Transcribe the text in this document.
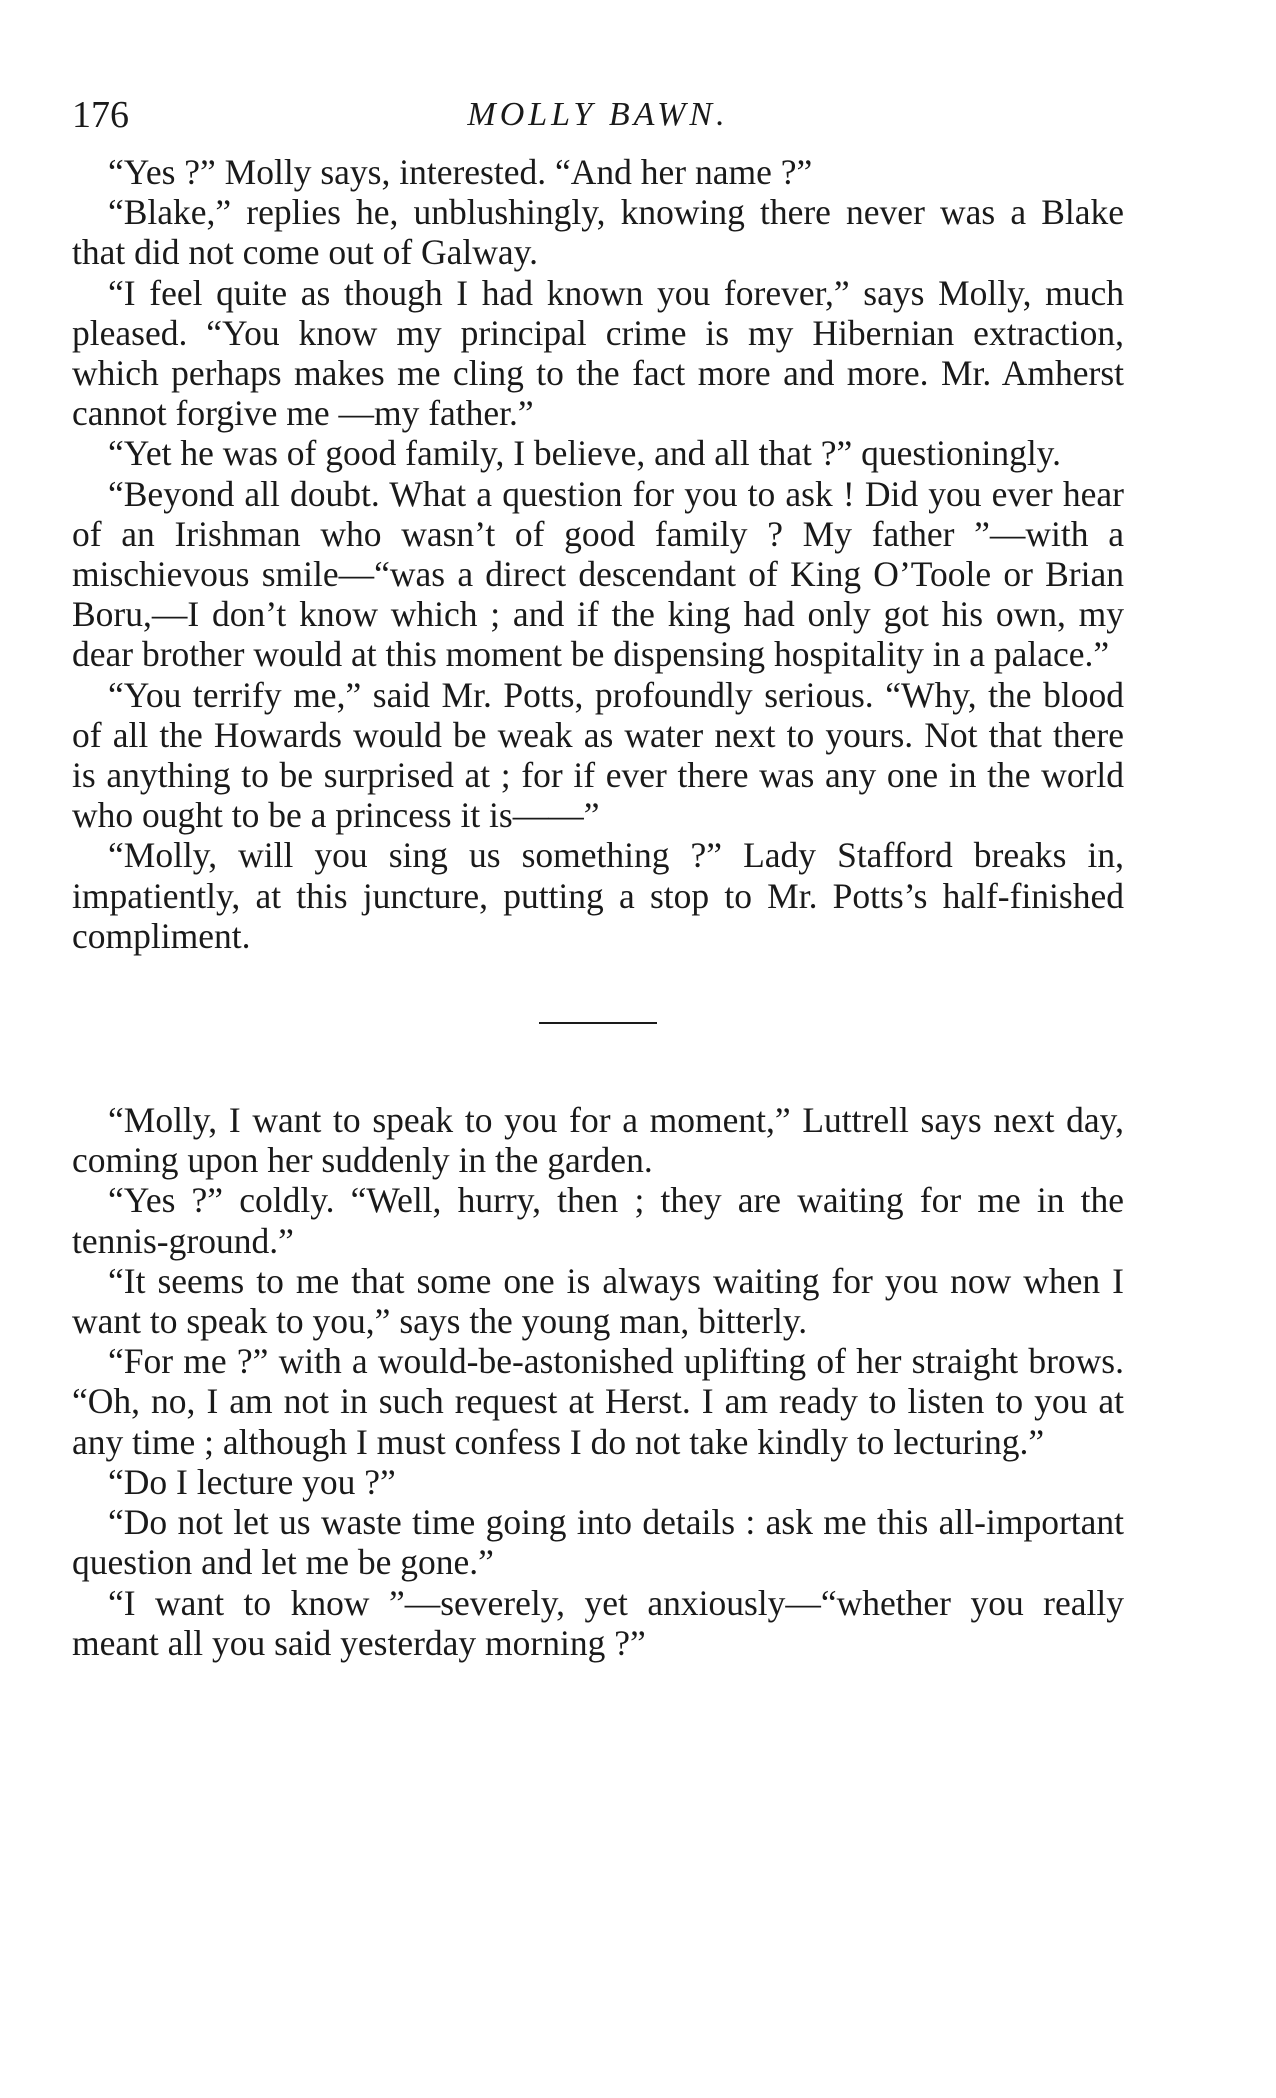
176	MOLLY BAWN.

“Yes ?” Molly says, interested. “And her name ?”

“Blake,” replies he, unblushingly, knowing there never was a Blake that did not come out of Galway.

“I feel quite as though I had known you forever,” says Molly, much pleased. “You know my principal crime is my Hibernian extraction, which perhaps makes me cling to the fact more and more. Mr. Amherst cannot forgive me —my father.”

“Yet he was of good family, I believe, and all that ?” questioningly.

“Beyond all doubt. What a question for you to ask ! Did you ever hear of an Irishman who wasn’t of good family ? My father ”—with a mischievous smile—“was a direct descendant of King O’Toole or Brian Boru,—I don’t know which ; and if the king had only got his own, my dear brother would at this moment be dispensing hospitality in a palace.”

“You terrify me,” said Mr. Potts, profoundly serious. “Why, the blood of all the Howards would be weak as water next to yours. Not that there is anything to be surprised at ; for if ever there was any one in the world who ought to be a princess it is——”

“Molly, will you sing us something ?” Lady Stafford breaks in, impatiently, at this juncture, putting a stop to Mr. Potts’s half-finished compliment.

“Molly, I want to speak to you for a moment,” Luttrell says next day, coming upon her suddenly in the garden.

“Yes ?” coldly. “Well, hurry, then ; they are waiting for me in the tennis-ground.”

“It seems to me that some one is always waiting for you now when I want to speak to you,” says the young man, bitterly.

“For me ?” with a would-be-astonished uplifting of her straight brows. “Oh, no, I am not in such request at Herst. I am ready to listen to you at any time ; although I must confess I do not take kindly to lecturing.”

“Do I lecture you ?”

“Do not let us waste time going into details : ask me this all-important question and let me be gone.”

“I want to know ”—severely, yet anxiously—“whether you really meant all you said yesterday morning ?”
